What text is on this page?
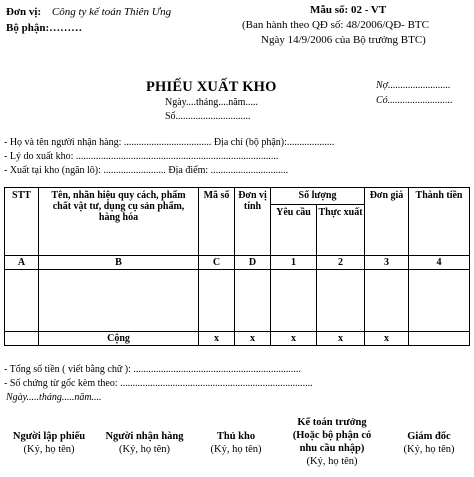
Đơn vị: Công ty kế toán Thiên Ưng
Bộ phận:………
Mẫu số: 02 - VT
(Ban hành theo QĐ số: 48/2006/QĐ- BTC
Ngày 14/9/2006 của Bộ trưởng BTC)
PHIẾU XUẤT KHO
Ngày....tháng....năm.....
Số..............................
Nợ.........................
Có..........................
- Họ và tên người nhận hàng: ................................... Địa chỉ (bộ phận):...................
- Lý do xuất kho: .................................................................................
- Xuất tại kho (ngăn lô): ......................... Địa điểm: ...............................
STT	Tên, nhãn hiệu quy cách, phẩm chất vật tư, dụng cụ sản phẩm, hàng hóa	Mã số	Đơn vị tính	Số lượng		Đơn giá	Thành tiền
				Yêu cầu	Thực xuất		
A	B	C	D	1	2	3	4

	Cộng	x	x	x	x	x	
- Tổng số tiền ( viết bằng chữ ): ...................................................................
- Số chứng từ gốc kèm theo: .............................................................................
Ngày.....tháng.....năm....
Người lập phiếu
(Ký, họ tên)
Người nhận hàng
(Ký, họ tên)
Thủ kho
(Ký, họ tên)
Kế toán trưởng
(Hoặc bộ phận có
nhu cầu nhập)
(Ký, họ tên)
Giám đốc
(Ký, họ tên)
